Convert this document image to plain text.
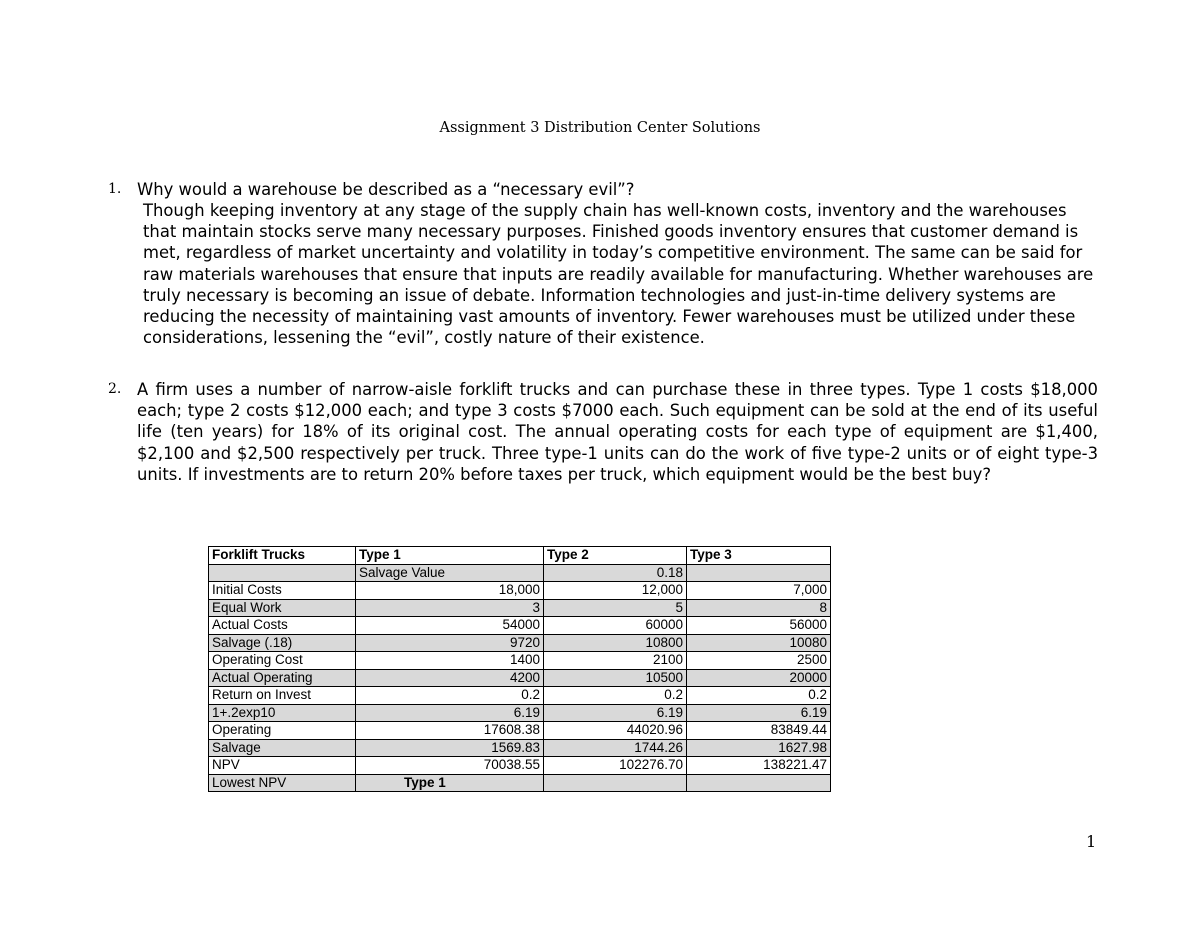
Assignment 3 Distribution Center Solutions
1. Why would a warehouse be described as a “necessary evil”?
Though keeping inventory at any stage of the supply chain has well-known costs, inventory and the warehouses that maintain stocks serve many necessary purposes. Finished goods inventory ensures that customer demand is met, regardless of market uncertainty and volatility in today’s competitive environment. The same can be said for raw materials warehouses that ensure that inputs are readily available for manufacturing. Whether warehouses are truly necessary is becoming an issue of debate. Information technologies and just-in-time delivery systems are reducing the necessity of maintaining vast amounts of inventory. Fewer warehouses must be utilized under these considerations, lessening the “evil”, costly nature of their existence.
2. A firm uses a number of narrow-aisle forklift trucks and can purchase these in three types. Type 1 costs $18,000 each; type 2 costs $12,000 each; and type 3 costs $7000 each. Such equipment can be sold at the end of its useful life (ten years) for 18% of its original cost. The annual operating costs for each type of equipment are $1,400, $2,100 and $2,500 respectively per truck. Three type-1 units can do the work of five type-2 units or of eight type-3 units. If investments are to return 20% before taxes per truck, which equipment would be the best buy?
Forklift Trucks	Type 1	Type 2	Type 3
	Salvage Value	0.18	
Initial Costs	18,000	12,000	7,000
Equal Work	3	5	8
Actual Costs	54000	60000	56000
Salvage (.18)	9720	10800	10080
Operating Cost	1400	2100	2500
Actual Operating	4200	10500	20000
Return on Invest	0.2	0.2	0.2
1+.2exp10	6.19	6.19	6.19
Operating	17608.38	44020.96	83849.44
Salvage	1569.83	1744.26	1627.98
NPV	70038.55	102276.70	138221.47
Lowest NPV	Type 1		
1
